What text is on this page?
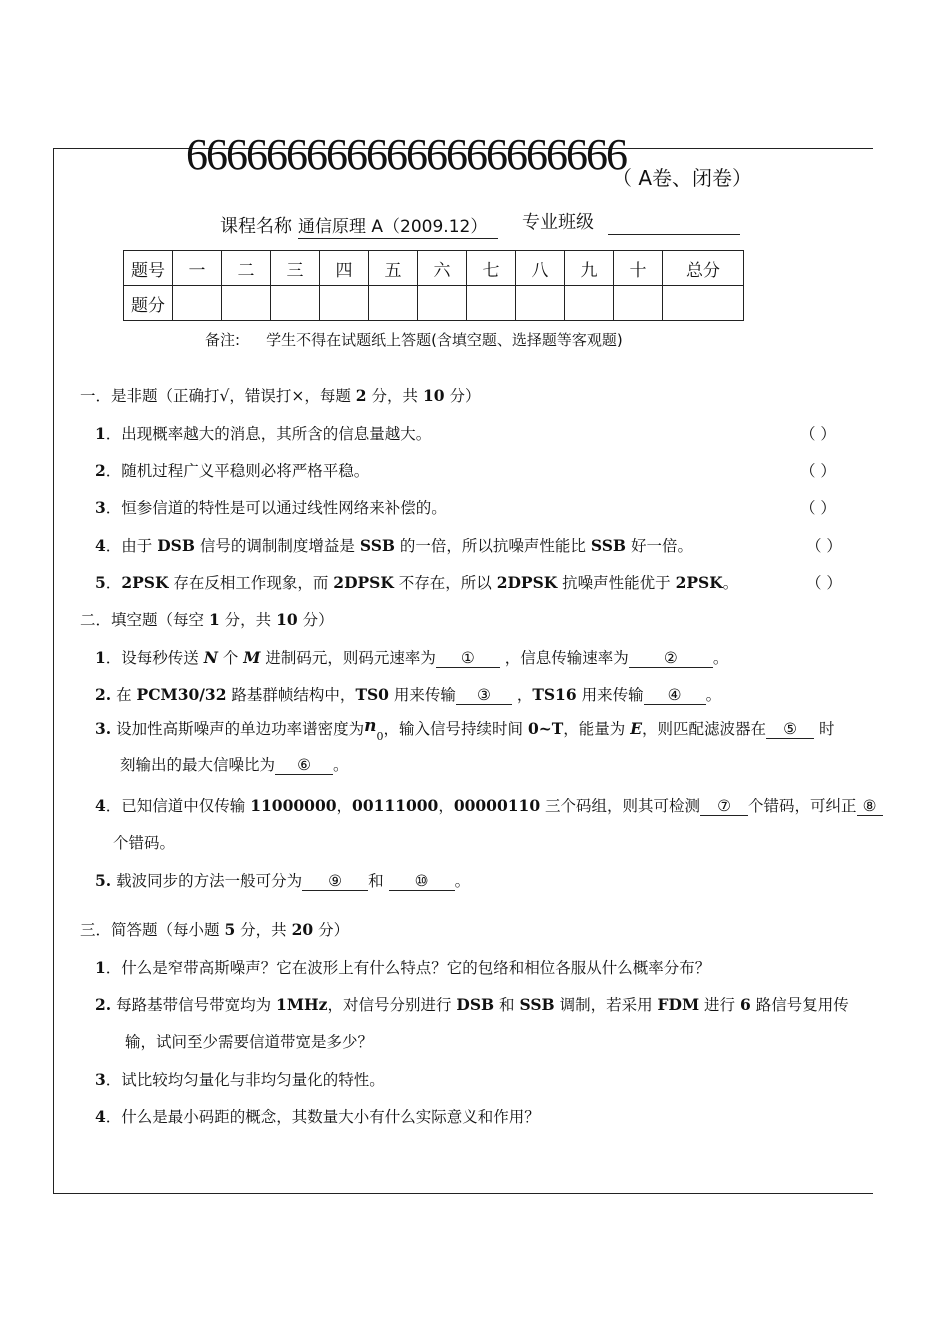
6666666666666666666666
（ A卷、闭卷）
课程名称 通信原理 A（2009.12）	专业班级
题号	一	二	三	四	五	六	七	八	九	十	总分
题分											
备注: 学生不得在试题纸上答题(含填空题、选择题等客观题)
一．是非题（正确打√，错误打×，每题 2 分，共 10 分）
1．出现概率越大的消息，其所含的信息量越大。	（ ）
2．随机过程广义平稳则必将严格平稳。	（ ）
3．恒参信道的特性是可以通过线性网络来补偿的。	（ ）
4．由于 DSB 信号的调制制度增益是 SSB 的一倍，所以抗噪声性能比 SSB 好一倍。	（ ）
5．2PSK 存在反相工作现象，而 2DPSK 不存在，所以 2DPSK 抗噪声性能优于 2PSK。	（ ）
二．填空题（每空 1 分，共 10 分）
1．设每秒传送 N 个 M 进制码元，则码元速率为 ① ，信息传输速率为 ② 。
2. 在 PCM30/32 路基群帧结构中，TS0 用来传输 ③ ，TS16 用来传输 ④ 。
3. 设加性高斯噪声的单边功率谱密度为$n_0$，输入信号持续时间 0~T，能量为 E，则匹配滤波器在 ⑤ 时
刻输出的最大信噪比为 ⑥ 。
4．已知信道中仅传输 11000000，00111000，00000110 三个码组，则其可检测 ⑦ 个错码，可纠正 ⑧
个错码。
5. 载波同步的方法一般可分为 ⑨ 和 ⑩ 。
三．简答题（每小题 5 分，共 20 分）
1．什么是窄带高斯噪声？它在波形上有什么特点？它的包络和相位各服从什么概率分布？
2. 每路基带信号带宽均为 1MHz，对信号分别进行 DSB 和 SSB 调制，若采用 FDM 进行 6 路信号复用传
输，试问至少需要信道带宽是多少？
3．试比较均匀量化与非均匀量化的特性。
4．什么是最小码距的概念，其数量大小有什么实际意义和作用？
